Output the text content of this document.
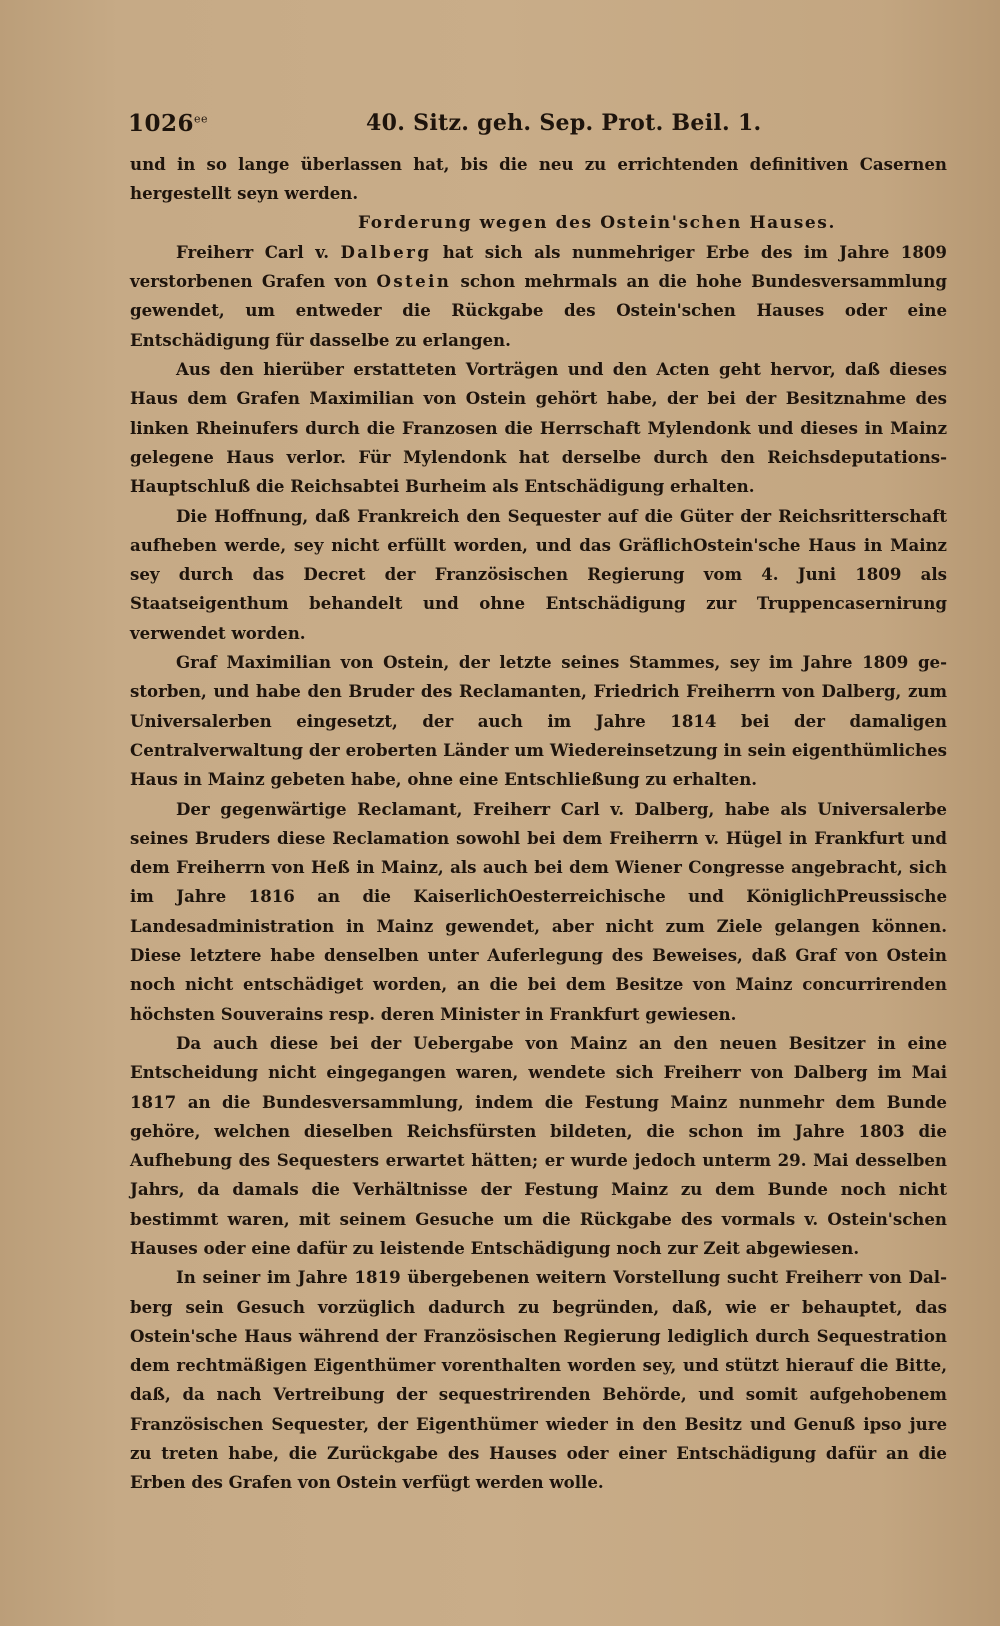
$1026^{ee}$	40. Sitz. geh. Sep. Prot. Beil. 1.

und in so lange überlassen hat, bis die neu zu errichtenden definitiven Casernen hergestellt seyn werden.

Forderung wegen des Ostein'schen Hauses.

Freiherr Carl v. Dalberg hat sich als nunmehriger Erbe des im Jahre 1809 verstorbenen Grafen von Ostein schon mehrmals an die hohe Bundesversammlung gewendet, um entweder die Rückgabe des Ostein'schen Hauses oder eine Entschädigung für dasselbe zu erlangen.

Aus den hierüber erstatteten Vorträgen und den Acten geht hervor, daß dieses Haus dem Grafen Maximilian von Ostein gehört habe, der bei der Besitznahme des linken Rheinufers durch die Franzosen die Herrschaft Mylendonk und dieses in Mainz gelegene Haus verlor. Für Mylendonk hat derselbe durch den ReichsdeputationsHauptschluß die Reichsabtei Burheim als Entschädigung erhalten.

Die Hoffnung, daß Frankreich den Sequester auf die Güter der Reichsritterschaft aufheben werde, sey nicht erfüllt worden, und das GräflichOstein'sche Haus in Mainz sey durch das Decret der Französischen Regierung vom 4. Juni 1809 als Staatseigenthum behandelt und ohne Entschädigung zur Truppencasernirung verwendet worden.

Graf Maximilian von Ostein, der letzte seines Stammes, sey im Jahre 1809 gestorben, und habe den Bruder des Reclamanten, Friedrich Freiherrn von Dalberg, zum Universalerben eingesetzt, der auch im Jahre 1814 bei der damaligen Centralverwaltung der eroberten Länder um Wiedereinsetzung in sein eigenthümliches Haus in Mainz gebeten habe, ohne eine Entschließung zu erhalten.

Der gegenwärtige Reclamant, Freiherr Carl v. Dalberg, habe als Universalerbe seines Bruders diese Reclamation sowohl bei dem Freiherrn v. Hügel in Frankfurt und dem Freiherrn von Heß in Mainz, als auch bei dem Wiener Congresse angebracht, sich im Jahre 1816 an die KaiserlichOesterreichische und KöniglichPreussische Landesadministration in Mainz gewendet, aber nicht zum Ziele gelangen können. Diese letztere habe denselben unter Auferlegung des Beweises, daß Graf von Ostein noch nicht entschädiget worden, an die bei dem Besitze von Mainz concurrirenden höchsten Souverains resp. deren Minister in Frankfurt gewiesen.

Da auch diese bei der Uebergabe von Mainz an den neuen Besitzer in eine Entscheidung nicht eingegangen waren, wendete sich Freiherr von Dalberg im Mai 1817 an die Bundesversammlung, indem die Festung Mainz nunmehr dem Bunde gehöre, welchen dieselben Reichsfürsten bildeten, die schon im Jahre 1803 die Aufhebung des Sequesters erwartet hätten; er wurde jedoch unterm 29. Mai desselben Jahrs, da damals die Verhältnisse der Festung Mainz zu dem Bunde noch nicht bestimmt waren, mit seinem Gesuche um die Rückgabe des vormals v. Ostein'schen Hauses oder eine dafür zu leistende Entschädigung noch zur Zeit abgewiesen.

In seiner im Jahre 1819 übergebenen weitern Vorstellung sucht Freiherr von Dalberg sein Gesuch vorzüglich dadurch zu begründen, daß, wie er behauptet, das Ostein'sche Haus während der Französischen Regierung lediglich durch Sequestration dem rechtmäßigen Eigenthümer vorenthalten worden sey, und stützt hierauf die Bitte, daß, da nach Vertreibung der sequestrirenden Behörde, und somit aufgehobenem Französischen Sequester, der Eigenthümer wieder in den Besitz und Genuß ipso jure zu treten habe, die Zurückgabe des Hauses oder einer Entschädigung dafür an die Erben des Grafen von Ostein verfügt werden wolle.
